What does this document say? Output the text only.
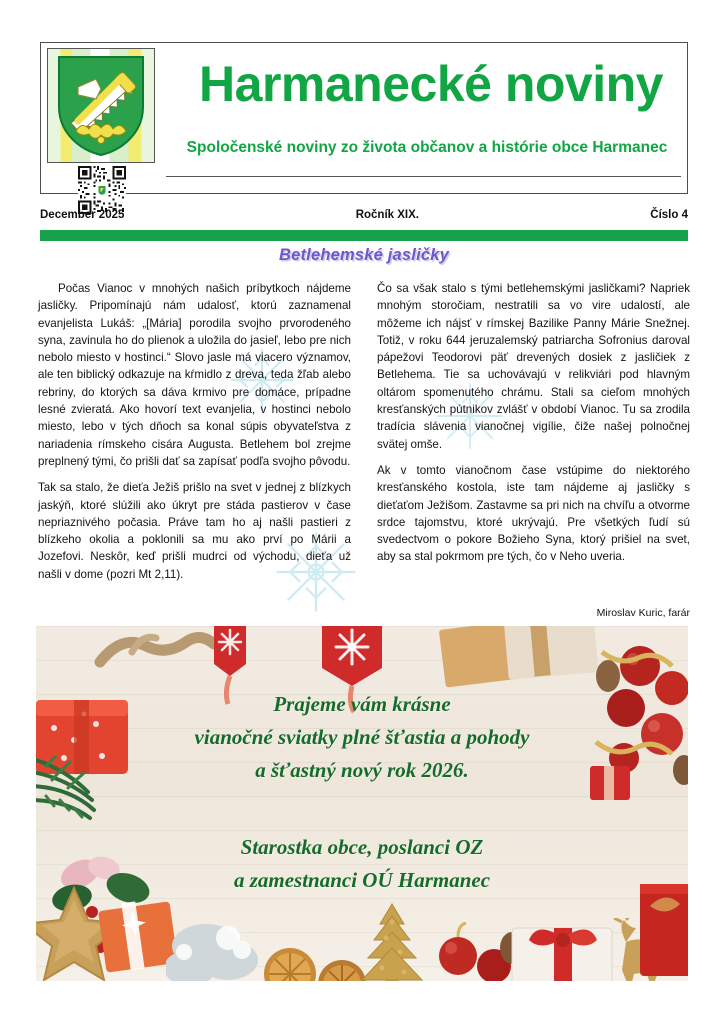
Harmanecké noviny
Spoločenské noviny zo života občanov a histórie obce Harmanec
December 2025	Ročník XIX.	Číslo 4
Betlehemské jasličky

Počas Vianoc v mnohých našich príbytkoch nájdeme jasličky. Pripomínajú nám udalosť, ktorú zaznamenal evanjelista Lukáš: „[Mária] porodila svojho prvorodeného syna, zavinula ho do plienok a uložila do jasieľ, lebo pre nich nebolo miesto v hostinci.“ Slovo jasle má viacero významov, ale ten biblický odkazuje na kŕmidlo z dreva, teda žľab alebo rebriny, do ktorých sa dáva krmivo pre domáce, prípadne lesné zvieratá. Ako hovorí text evanjelia, v hostinci nebolo miesto, lebo v tých dňoch sa konal súpis obyvateľstva z nariadenia rímskeho cisára Augusta. Betlehem bol zrejme preplnený tými, čo prišli dať sa zapísať podľa svojho pôvodu.

Tak sa stalo, že dieťa Ježiš prišlo na svet v jednej z blízkych jaskýň, ktoré slúžili ako úkryt pre stáda pastierov v čase nepriaznivého počasia. Práve tam ho aj našli pastieri z blízkeho okolia a poklonili sa mu ako prví po Márii a Jozefovi. Neskôr, keď prišli mudrci od východu, dieťa už našli v dome (pozri Mt 2,11).

Čo sa však stalo s tými betlehemskými jasličkami? Napriek mnohým storočiam, nestratili sa vo vire udalostí, ale môžeme ich nájsť v rímskej Bazilike Panny Márie Snežnej. Totiž, v roku 644 jeruzalemský patriarcha Sofronius daroval pápežovi Teodorovi päť drevených dosiek z jasličiek z Betlehema. Tie sa uchovávajú v relikviári pod hlavným oltárom spomenutého chrámu. Stali sa cieľom mnohých kresťanských pútnikov zvlášť v období Vianoc. Tu sa zrodila tradícia slávenia vianočnej vigílie, čiže našej polnočnej svätej omše.

Ak v tomto vianočnom čase vstúpime do niektorého kresťanského kostola, iste tam nájdeme aj jasličky s dieťaťom Ježišom. Zastavme sa pri nich na chvíľu a otvorme srdce tajomstvu, ktoré ukrývajú. Pre všetkých ľudí sú svedectvom o pokore Božieho Syna, ktorý prišiel na svet, aby sa stal pokrmom pre tých, čo v Neho uveria.

Miroslav Kuric, farár
Prajeme vám krásne
vianočné sviatky plné šťastia a pohody
a šťastný nový rok 2026.
Starostka obce, poslanci OZ
a zamestnanci OÚ Harmanec
